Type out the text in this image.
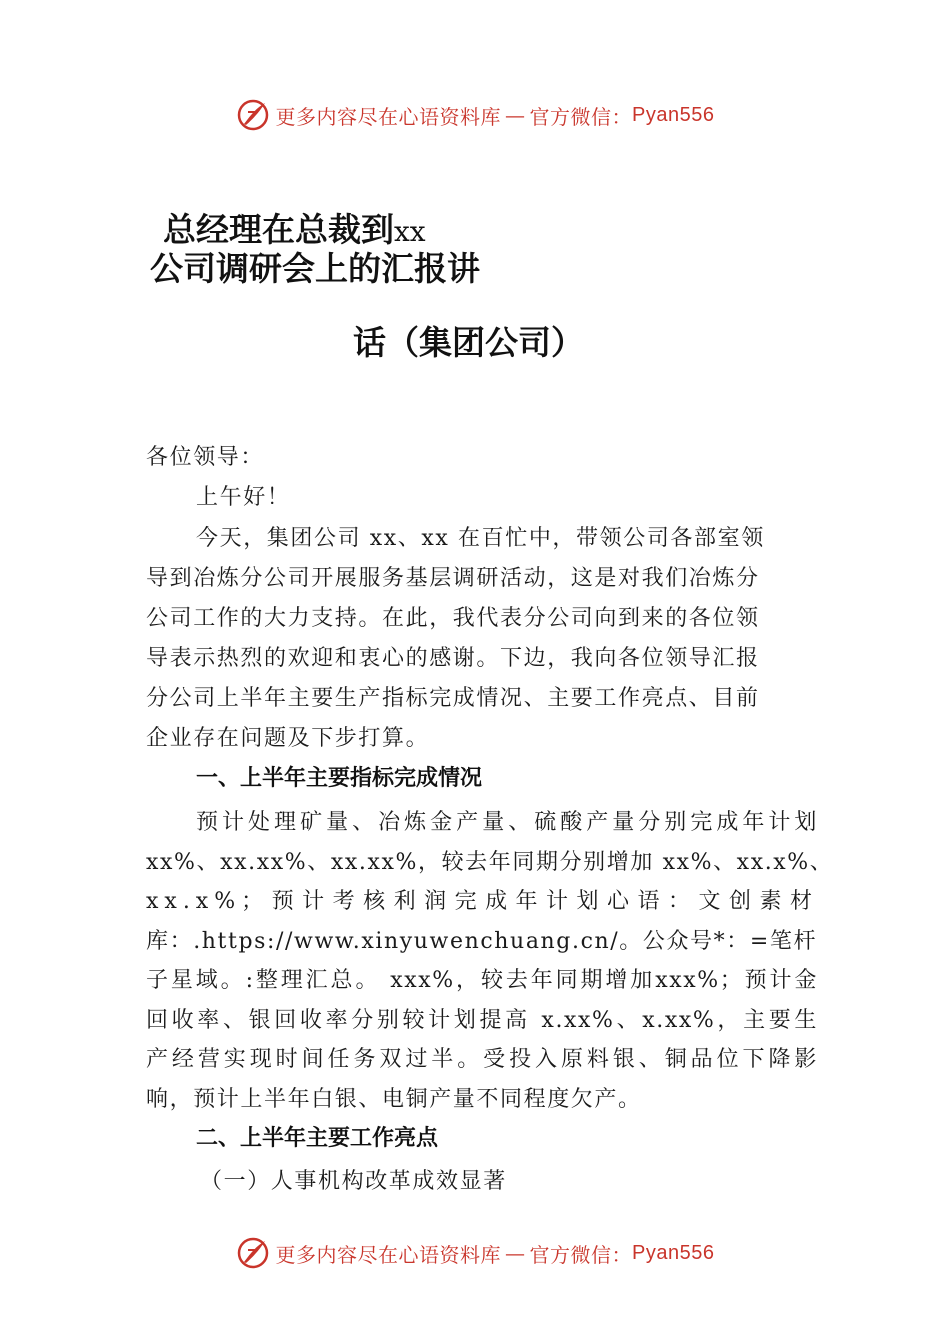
更多内容尽在心语资料库 — 官方微信： Pyan556
总经理在总裁到xx
公司调研会上的汇报讲
话（集团公司）
各位领导：
上午好！
今天，集团公司 xx、xx 在百忙中，带领公司各部室领
导到冶炼分公司开展服务基层调研活动，这是对我们冶炼分
公司工作的大力支持。在此，我代表分公司向到来的各位领
导表示热烈的欢迎和衷心的感谢。下边，我向各位领导汇报
分公司上半年主要生产指标完成情况、主要工作亮点、目前
企业存在问题及下步打算。
一、上半年主要指标完成情况
预计处理矿量、冶炼金产量、硫酸产量分别完成年计划
xx%、xx.xx%、xx.xx%，较去年同期分别增加 xx%、xx.x%、
xx.x%；预计考核利润完成年计划心语：文创素材
库：.https://www.xinyuwenchuang.cn/。公众号*：=笔杆
子星域。:整理汇总。 xxx%，较去年同期增加xxx%；预计金
回收率、银回收率分别较计划提高 x.xx%、x.xx%，主要生
产经营实现时间任务双过半。受投入原料银、铜品位下降影
响，预计上半年白银、电铜产量不同程度欠产。
二、上半年主要工作亮点
（一）人事机构改革成效显著
更多内容尽在心语资料库 — 官方微信： Pyan556
